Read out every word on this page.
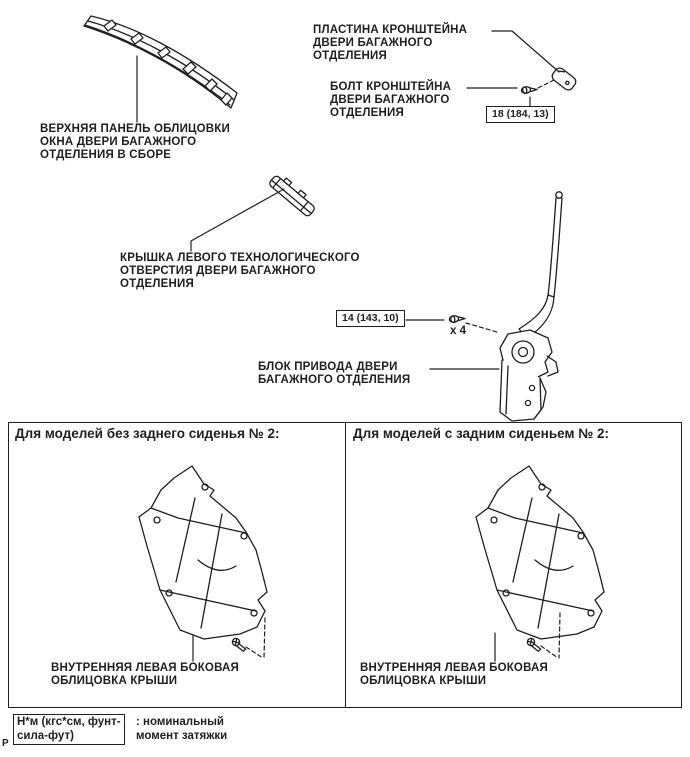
ВЕРХНЯЯ ПАНЕЛЬ ОБЛИЦОВКИ
ОКНА ДВЕРИ БАГАЖНОГО
ОТДЕЛЕНИЯ В СБОРЕ
ПЛАСТИНА КРОНШТЕЙНА
ДВЕРИ БАГАЖНОГО
ОТДЕЛЕНИЯ
БОЛТ КРОНШТЕЙНА
ДВЕРИ БАГАЖНОГО
ОТДЕЛЕНИЯ
КРЫШКА ЛЕВОГО ТЕХНОЛОГИЧЕСКОГО
ОТВЕРСТИЯ ДВЕРИ БАГАЖНОГО
ОТДЕЛЕНИЯ
БЛОК ПРИВОДА ДВЕРИ
БАГАЖНОГО ОТДЕЛЕНИЯ
18 (184, 13)
14 (143, 10)
x 4
Для моделей без заднего сиденья № 2:	Для моделей с задним сиденьем № 2:
ВНУТРЕННЯЯ ЛЕВАЯ БОКОВАЯ
ОБЛИЦОВКА КРЫШИ
ВНУТРЕННЯЯ ЛЕВАЯ БОКОВАЯ
ОБЛИЦОВКА КРЫШИ
Н*м (кгс*см, фунт-
сила-фут)
: номинальный
момент затяжки
P
